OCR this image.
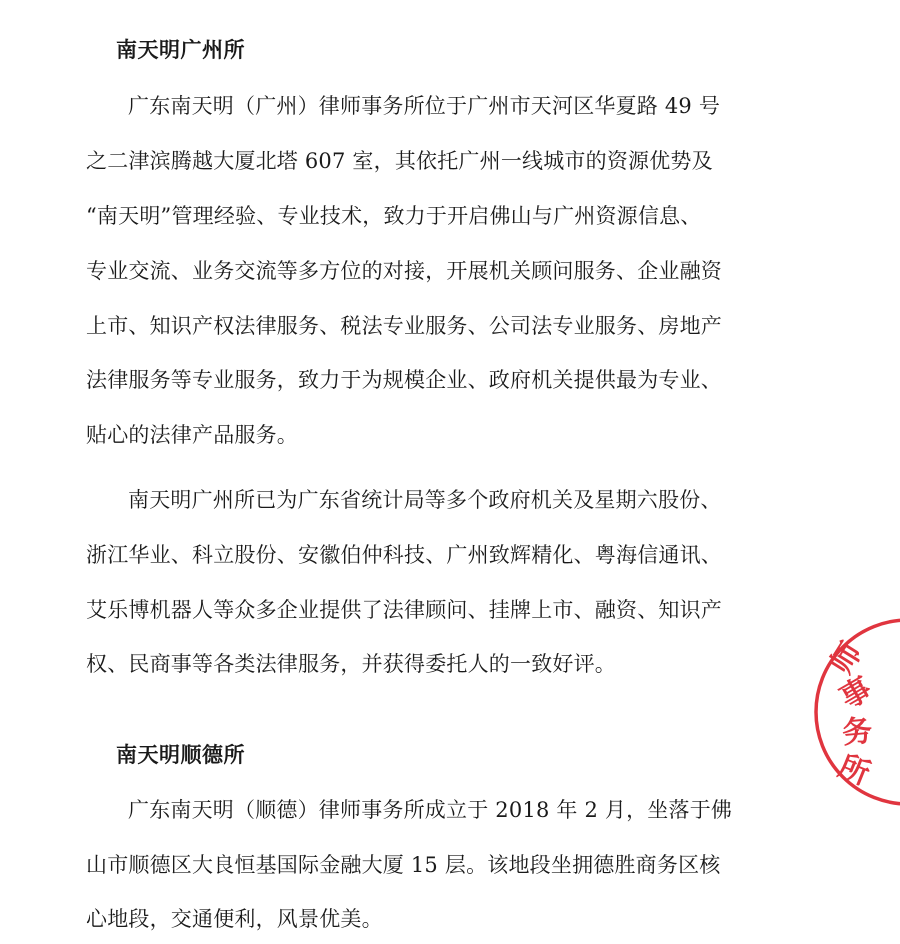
南天明广州所
广东南天明（广州）律师事务所位于广州市天河区华夏路 49 号
之二津滨腾越大厦北塔 607 室，其依托广州一线城市的资源优势及
“南天明”管理经验、专业技术，致力于开启佛山与广州资源信息、
专业交流、业务交流等多方位的对接，开展机关顾问服务、企业融资
上市、知识产权法律服务、税法专业服务、公司法专业服务、房地产
法律服务等专业服务，致力于为规模企业、政府机关提供最为专业、
贴心的法律产品服务。
南天明广州所已为广东省统计局等多个政府机关及星期六股份、
浙江华业、科立股份、安徽伯仲科技、广州致辉精化、粤海信通讯、
艾乐博机器人等众多企业提供了法律顾问、挂牌上市、融资、知识产
权、民商事等各类法律服务，并获得委托人的一致好评。
南天明顺德所
广东南天明（顺德）律师事务所成立于 2018 年 2 月，坐落于佛
山市顺德区大良恒基国际金融大厦 15 层。该地段坐拥德胜商务区核
心地段，交通便利，风景优美。
师
事
务
所
